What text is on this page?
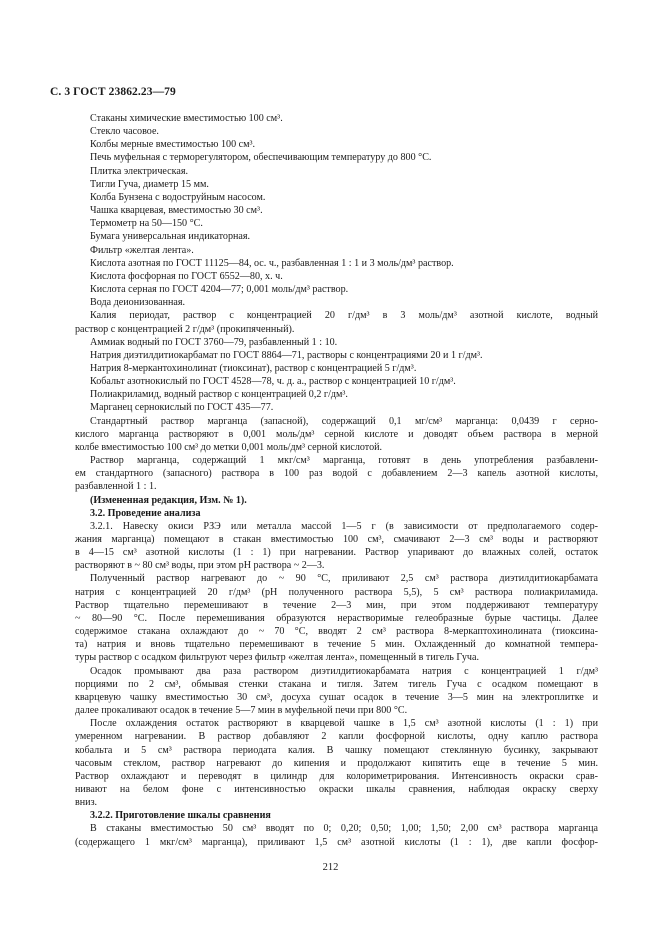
С. 3 ГОСТ 23862.23—79

Стаканы химические вместимостью 100 см³.

Стекло часовое.

Колбы мерные вместимостью 100 см³.

Печь муфельная с терморегулятором, обеспечивающим температуру до 800 °С.

Плитка электрическая.

Тигли Гуча, диаметр 15 мм.

Колба Бунзена с водоструйным насосом.

Чашка кварцевая, вместимостью 30 см³.

Термометр на 50—150 °С.

Бумага универсальная индикаторная.

Фильтр «желтая лента».

Кислота азотная по ГОСТ 11125—84, ос. ч., разбавленная 1 : 1 и 3 моль/дм³ раствор.

Кислота фосфорная по ГОСТ 6552—80, х. ч.

Кислота серная по ГОСТ 4204—77; 0,001 моль/дм³ раствор.

Вода деионизованная.

Калия периодат, раствор с концентрацией 20 г/дм³ в 3 моль/дм³ азотной кислоте, водный

раствор с концентрацией 2 г/дм³ (прокипяченный).

Аммиак водный по ГОСТ 3760—79, разбавленный 1 : 10.

Натрия диэтилдитиокарбамат по ГОСТ 8864—71, растворы с концентрациями 20 и 1 г/дм³.

Натрия 8-меркантохинолинат (тиоксинат), раствор с концентрацией 5 г/дм³.

Кобальт азотнокислый по ГОСТ 4528—78, ч. д. а., раствор с концентрацией 10 г/дм³.

Полиакриламид, водный раствор с концентрацией 0,2 г/дм³.

Марганец сернокислый по ГОСТ 435—77.

Стандартный раствор марганца (запасной), содержащий 0,1 мг/см³ марганца: 0,0439 г серно-

кислого марганца растворяют в 0,001 моль/дм³ серной кислоте и доводят объем раствора в мерной

колбе вместимостью 100 см³ до метки 0,001 моль/дм³ серной кислотой.

Раствор марганца, содержащий 1 мкг/см³ марганца, готовят в день употребления разбавлени-

ем стандартного (запасного) раствора в 100 раз водой с добавлением 2—3 капель азотной кислоты,

разбавленной 1 : 1.

(Измененная редакция, Изм. № 1).

3.2. Проведение анализа

3.2.1. Навеску окиси РЗЭ или металла массой 1—5 г (в зависимости от предполагаемого содер-

жания марганца) помещают в стакан вместимостью 100 см³, смачивают 2—3 см³ воды и растворяют

в 4—15 см³ азотной кислоты (1 : 1) при нагревании. Раствор упаривают до влажных солей, остаток

растворяют в ~ 80 см³ воды, при этом рН раствора ~ 2—3.

Полученный раствор нагревают до ~ 90 °С, приливают 2,5 см³ раствора диэтилдитиокарбамата

натрия с концентрацией 20 г/дм³ (рН полученного раствора 5,5), 5 см³ раствора полиакриламида.

Раствор тщательно перемешивают в течение 2—3 мин, при этом поддерживают температуру

~ 80—90 °С. После перемешивания образуются нерастворимые гелеобразные бурые частицы. Далее

содержимое стакана охлаждают до ~ 70 °С, вводят 2 см³ раствора 8-меркаптохинолината (тиоксина-

та) натрия и вновь тщательно перемешивают в течение 5 мин. Охлажденный до комнатной темпера-

туры раствор с осадком фильтруют через фильтр «желтая лента», помещенный в тигель Гуча.

Осадок промывают два раза раствором диэтилдитиокарбамата натрия с концентрацией 1 г/дм³

порциями по 2 см³, обмывая стенки стакана и тигля. Затем тигель Гуча с осадком помещают в

кварцевую чашку вместимостью 30 см³, досуха сушат осадок в течение 3—5 мин на электроплитке и

далее прокаливают осадок в течение 5—7 мин в муфельной печи при 800 °С.

После охлаждения остаток растворяют в кварцевой чашке в 1,5 см³ азотной кислоты (1 : 1) при

умеренном нагревании. В раствор добавляют 2 капли фосфорной кислоты, одну каплю раствора

кобальта и 5 см³ раствора периодата калия. В чашку помещают стеклянную бусинку, закрывают

часовым стеклом, раствор нагревают до кипения и продолжают кипятить еще в течение 5 мин.

Раствор охлаждают и переводят в цилиндр для колориметрирования. Интенсивность окраски срав-

нивают на белом фоне с интенсивностью окраски шкалы сравнения, наблюдая окраску сверху

вниз.

3.2.2. Приготовление шкалы сравнения

В стаканы вместимостью 50 см³ вводят по 0; 0,20; 0,50; 1,00; 1,50; 2,00 см³ раствора марганца

(содержащего 1 мкг/см³ марганца), приливают 1,5 см³ азотной кислоты (1 : 1), две капли фосфор-

212
